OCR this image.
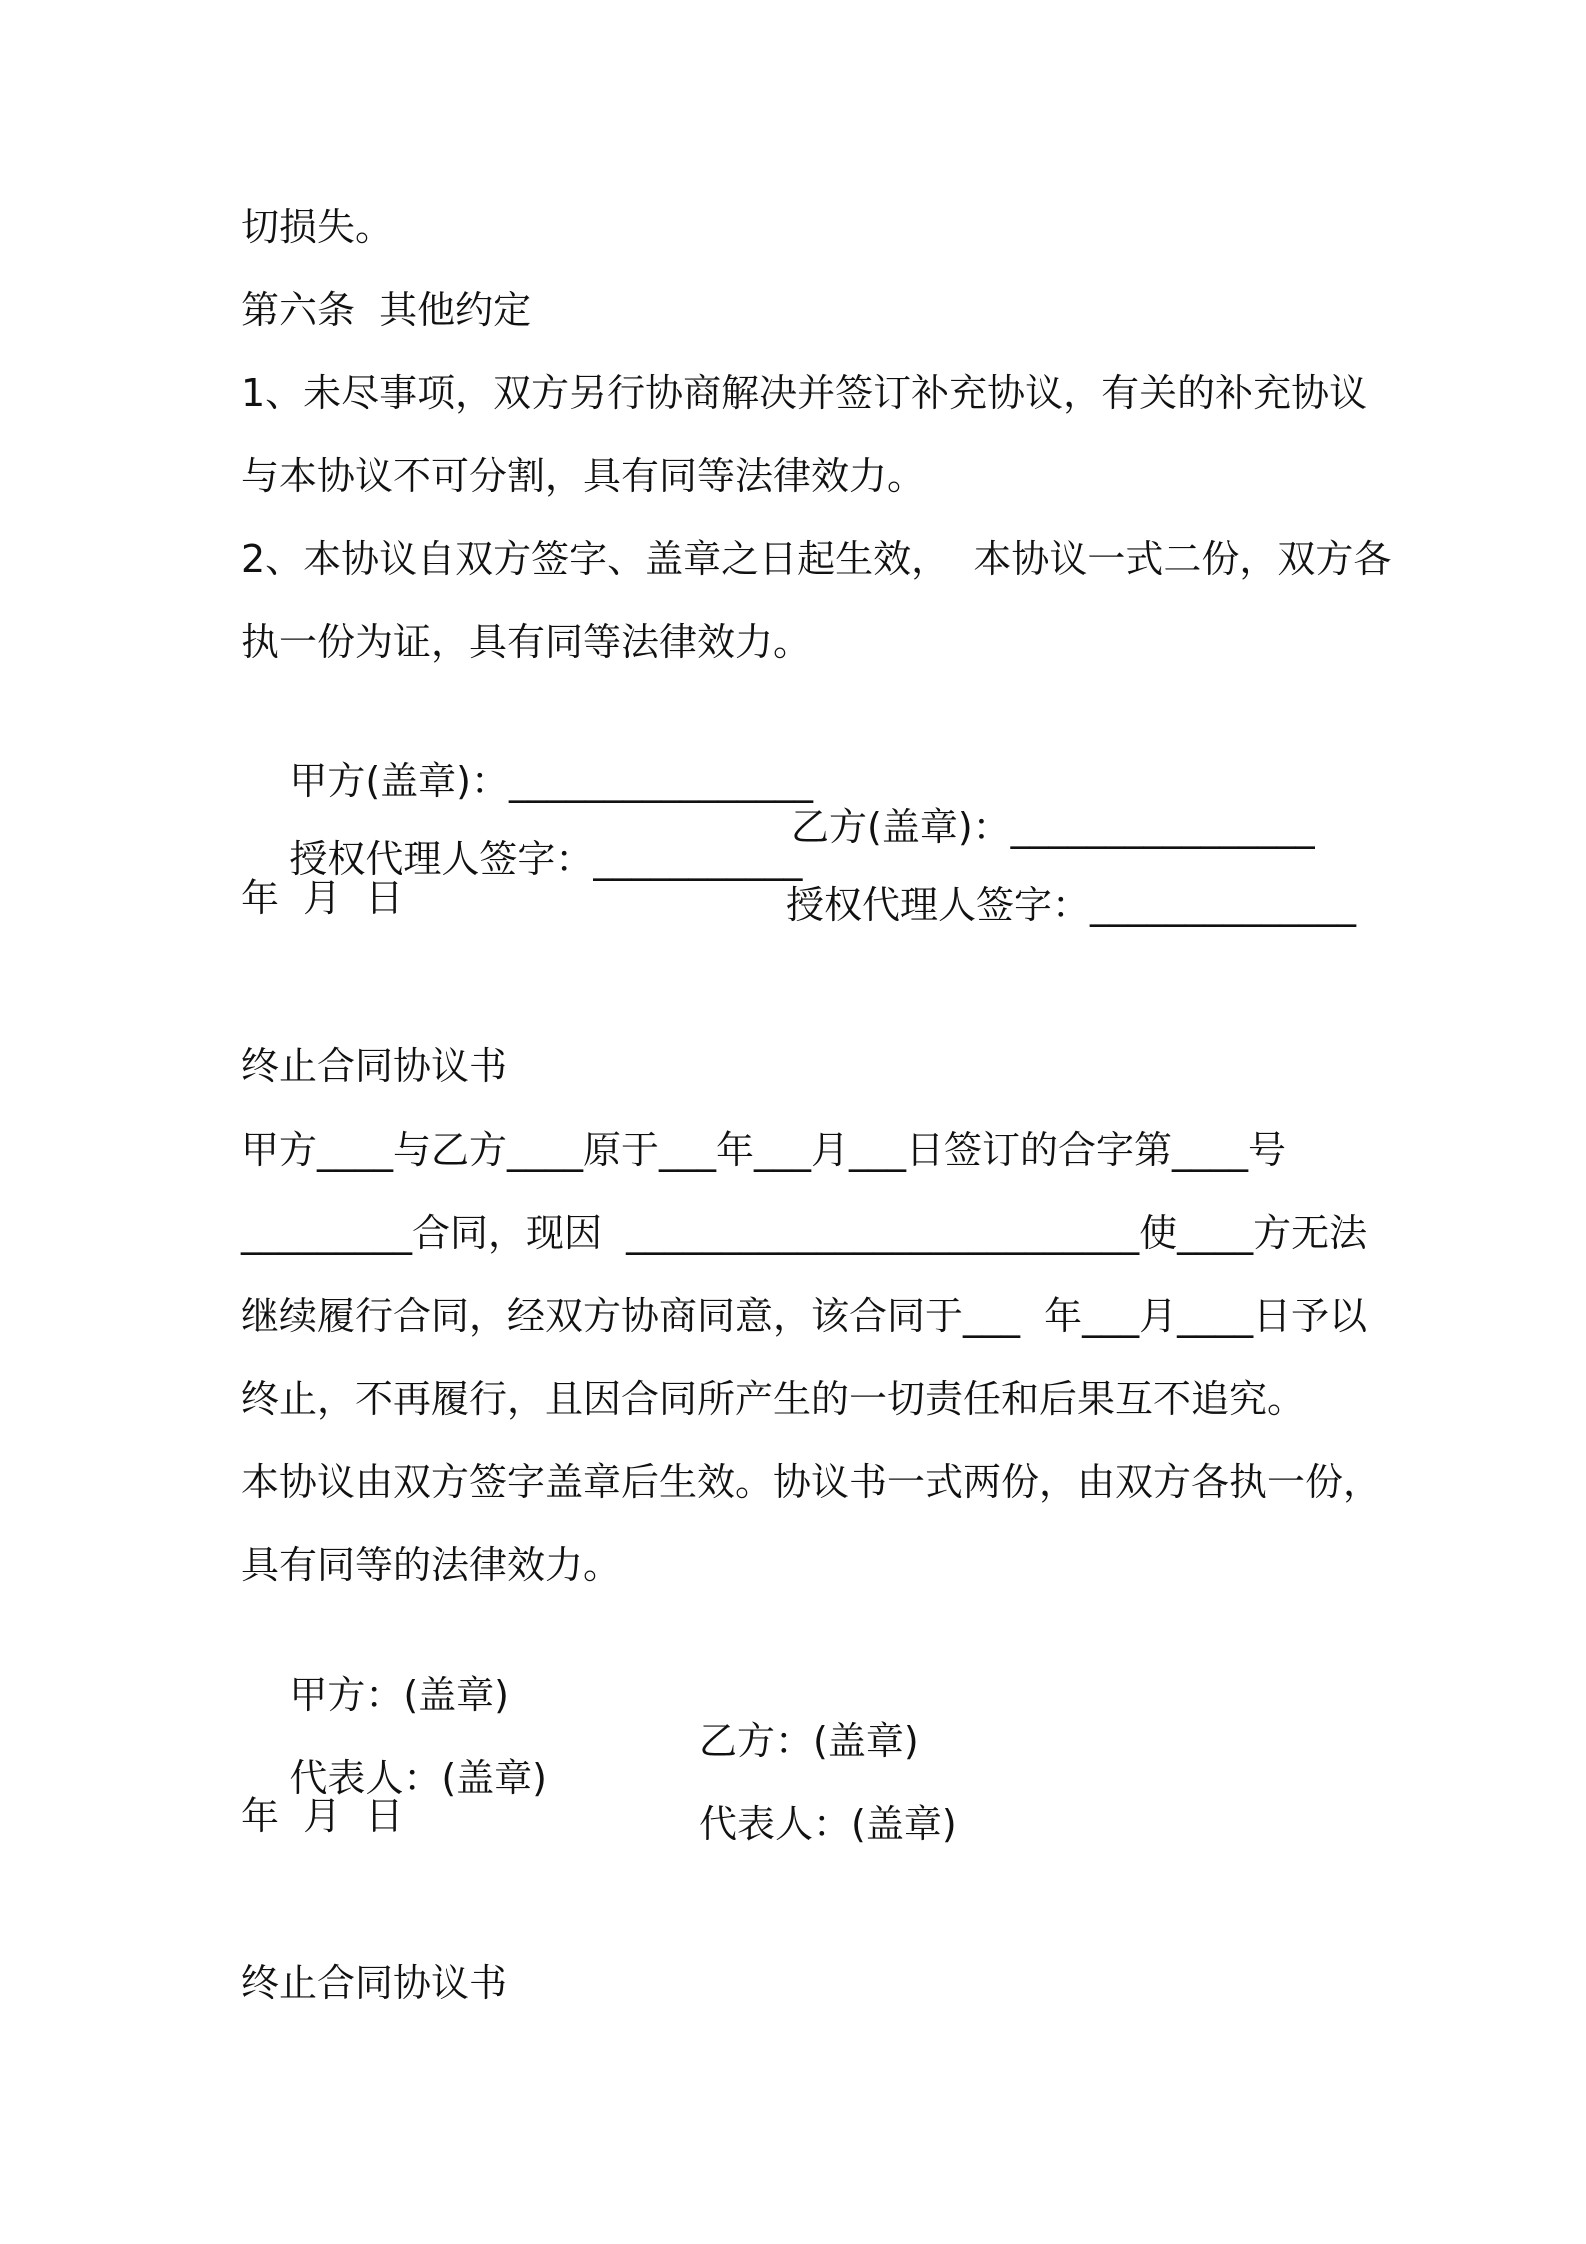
切损失。
第六条  其他约定
1、未尽事项，双方另行协商解决并签订补充协议，有关的补充协议
与本协议不可分割，具有同等法律效力。
2、本协议自双方签字、盖章之日起生效，  本协议一式二份，双方各
执一份为证，具有同等法律效力。

甲方(盖章)：________________

乙方(盖章)：________________

授权代理人签字：___________

授权代理人签字：______________

年  月  日
终止合同协议书
甲方____与乙方____原于___年___月___日签订的合字第____号
_________合同，现因  ___________________________使____方无法
继续履行合同，经双方协商同意，该合同于___  年___月____日予以
终止，不再履行，且因合同所产生的一切责任和后果互不追究。
本协议由双方签字盖章后生效。协议书一式两份，由双方各执一份，
具有同等的法律效力。

甲方：(盖章)

乙方：(盖章)

代表人：(盖章)

代表人：(盖章)

年  月  日
终止合同协议书
